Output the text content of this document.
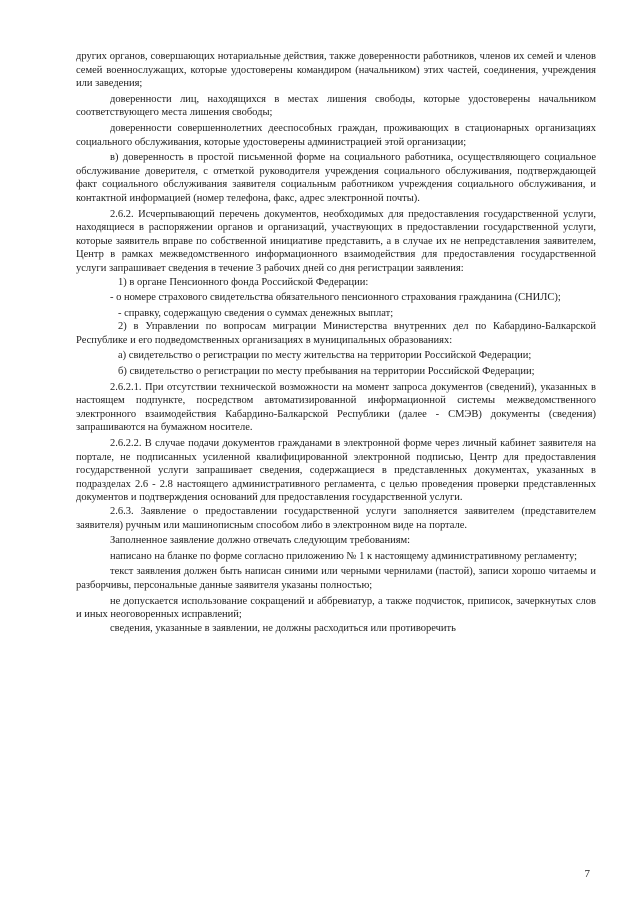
других органов, совершающих нотариальные действия, также доверенности работников, членов их семей и членов семей военнослужащих, которые удостоверены командиром (начальником) этих частей, соединения, учреждения или заведения;

доверенности лиц, находящихся в местах лишения свободы, которые удостоверены начальником соответствующего места лишения свободы;

доверенности совершеннолетних дееспособных граждан, проживающих в стационарных организациях социального обслуживания, которые удостоверены администрацией этой организации;

в) доверенность в простой письменной форме на социального работника, осуществляющего социальное обслуживание доверителя, с отметкой руководителя учреждения социального обслуживания, подтверждающей факт социального обслуживания заявителя социальным работником учреждения социального обслуживания, и контактной информацией (номер телефона, факс, адрес электронной почты).

2.6.2. Исчерпывающий перечень документов, необходимых для предоставления государственной услуги, находящиеся в распоряжении органов и организаций, участвующих в предоставлении государственной услуги, которые заявитель вправе по собственной инициативе представить, а в случае их не непредставления заявителем, Центр в рамках межведомственного информационного взаимодействия для предоставления государственной услуги запрашивает сведения в течение 3 рабочих дней со дня регистрации заявления:

1) в органе Пенсионного фонда Российской Федерации:

- о номере страхового свидетельства обязательного пенсионного страхования гражданина (СНИЛС);

- справку, содержащую сведения о суммах денежных выплат;

2) в Управлении по вопросам миграции Министерства внутренних дел по Кабардино-Балкарской Республике и его подведомственных организациях в муниципальных образованиях:

а) свидетельство о регистрации по месту жительства на территории Российской Федерации;

б) свидетельство о регистрации по месту пребывания на территории Российской Федерации;

2.6.2.1. При отсутствии технической возможности на момент запроса документов (сведений), указанных в настоящем подпункте, посредством автоматизированной информационной системы межведомственного электронного взаимодействия Кабардино-Балкарской Республики (далее - СМЭВ) документы (сведения) запрашиваются на бумажном носителе.

2.6.2.2. В случае подачи документов гражданами в электронной форме через личный кабинет заявителя на портале, не подписанных усиленной квалифицированной электронной подписью, Центр для предоставления государственной услуги запрашивает сведения, содержащиеся в представленных документах, указанных в подразделах 2.6 - 2.8 настоящего административного регламента, с целью проведения проверки представленных документов и подтверждения оснований для предоставления государственной услуги.

2.6.3. Заявление о предоставлении государственной услуги заполняется заявителем (представителем заявителя) ручным или машинописным способом либо в электронном виде на портале.

Заполненное заявление должно отвечать следующим требованиям:

написано на бланке по форме согласно приложению № 1 к настоящему административному регламенту;

текст заявления должен быть написан синими или черными чернилами (пастой), записи хорошо читаемы и разборчивы, персональные данные заявителя указаны полностью;

не допускается использование сокращений и аббревиатур, а также подчисток, приписок, зачеркнутых слов и иных неоговоренных исправлений;

сведения, указанные в заявлении, не должны расходиться или противоречить

7
